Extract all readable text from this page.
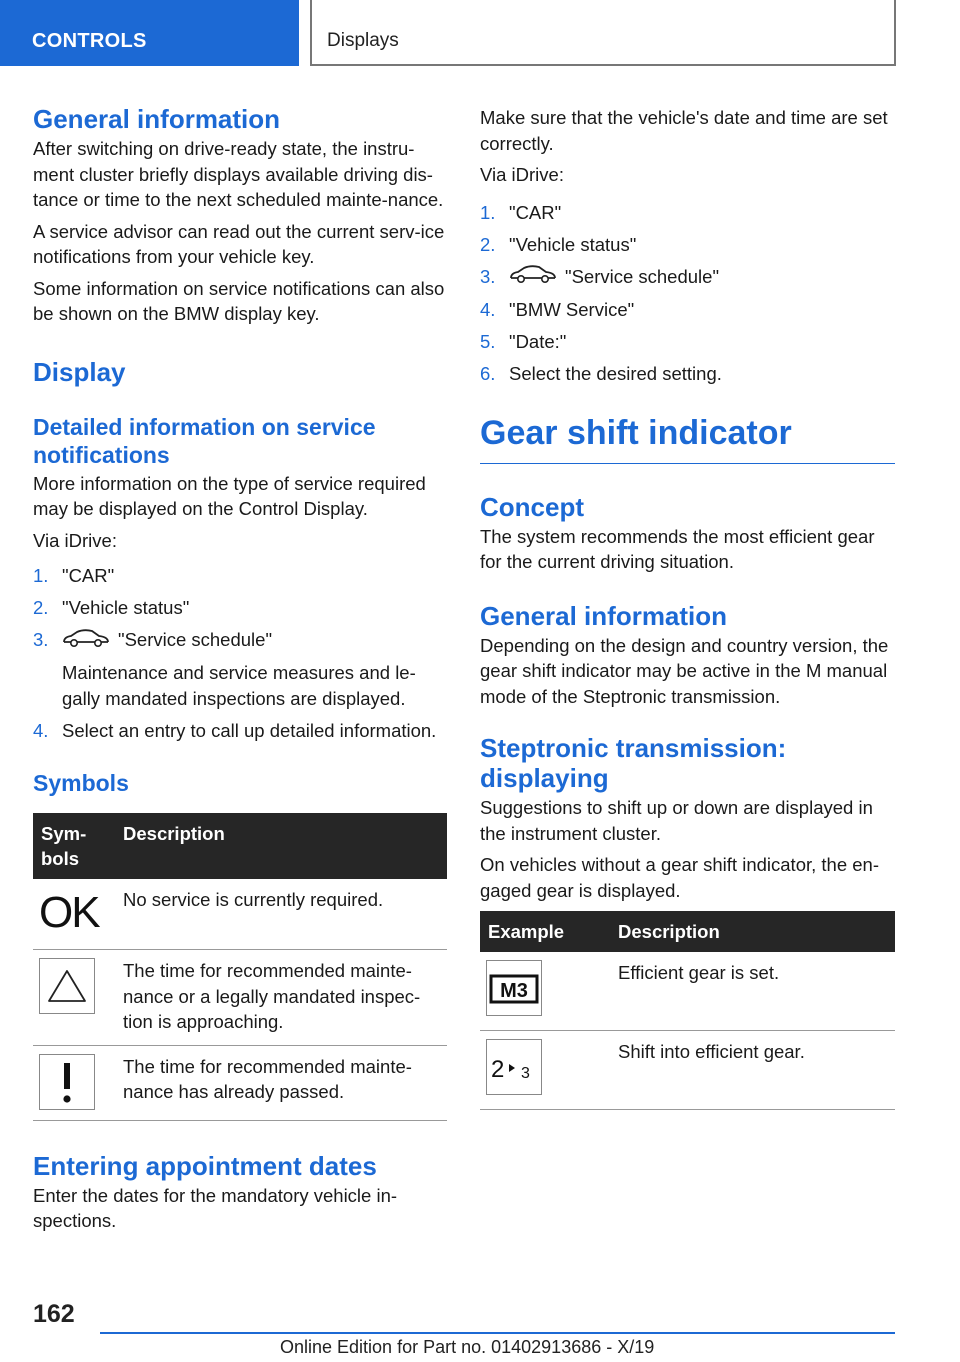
CONTROLS	Displays
General information

After switching on drive-ready state, the instru-ment cluster briefly displays available driving dis-tance or time to the next scheduled mainte-nance.

A service advisor can read out the current serv-ice notifications from your vehicle key.

Some information on service notifications can also be shown on the BMW display key.

Display
Detailed information on service notifications

More information on the type of service required may be displayed on the Control Display.

Via iDrive:

1. "CAR"
2. "Vehicle status"
3.	"Service schedule"
Maintenance and service measures and le-gally mandated inspections are displayed.
4. Select an entry to call up detailed information.
Symbols
Sym-bols	Description

OK	No service is currently required.

	The time for recommended mainte-nance or a legally mandated inspec-tion is approaching.

	The time for recommended mainte-nance has already passed.
Entering appointment dates

Enter the dates for the mandatory vehicle in-spections.

Make sure that the vehicle's date and time are set correctly.

Via iDrive:

1. "CAR"
2. "Vehicle status"
3.	"Service schedule"
4. "BMW Service"
5. "Date:"
6. Select the desired setting.
Gear shift indicator
Concept

The system recommends the most efficient gear for the current driving situation.

General information

Depending on the design and country version, the gear shift indicator may be active in the M manual mode of the Steptronic transmission.

Steptronic transmission: displaying

Suggestions to shift up or down are displayed in the instrument cluster.

On vehicles without a gear shift indicator, the en-gaged gear is displayed.

Example	Description

M3	Efficient gear is set.

2 3	Shift into efficient gear.
162
Online Edition for Part no. 01402913686 - X/19
